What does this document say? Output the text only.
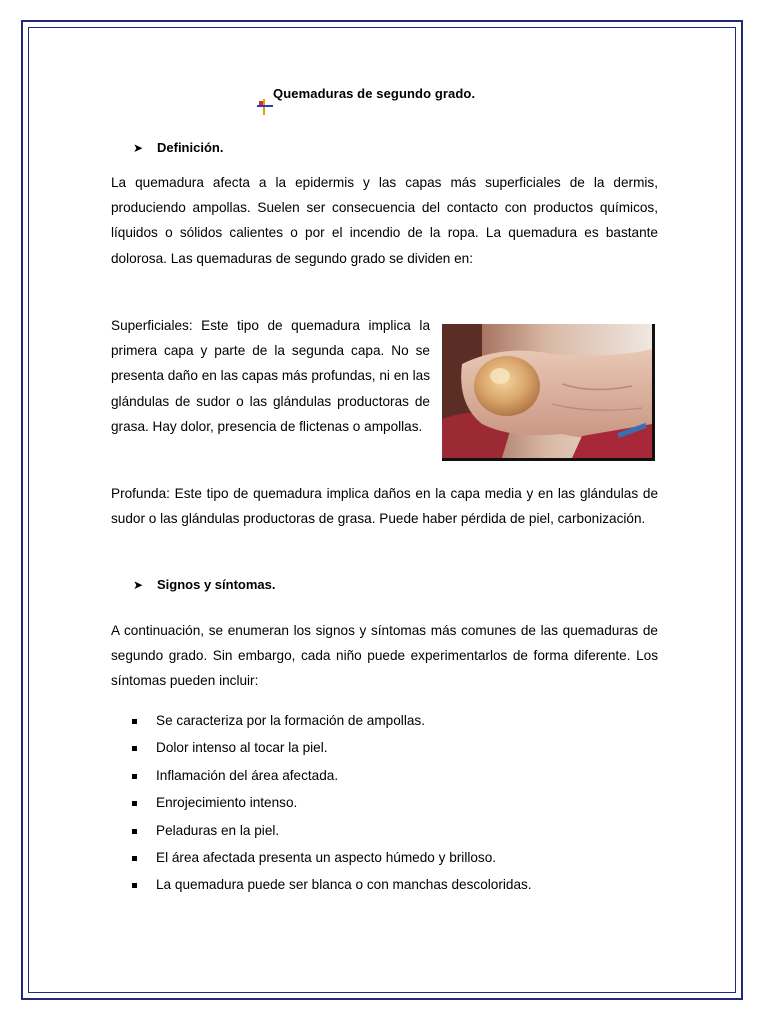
Quemaduras de segundo grado.
➤ Definición.
La quemadura afecta a la epidermis y las capas más superficiales de la dermis, produciendo ampollas. Suelen ser consecuencia del contacto con productos químicos, líquidos o sólidos calientes o por el incendio de la ropa. La quemadura es bastante dolorosa. Las quemaduras de segundo grado se dividen en:
Superficiales: Este tipo de quemadura implica la primera capa y parte de la segunda capa. No se presenta daño en las capas más profundas, ni en las glándulas de sudor o las glándulas productoras de grasa. Hay dolor, presencia de flictenas o ampollas.
Profunda: Este tipo de quemadura implica daños en la capa media y en las glándulas de sudor o las glándulas productoras de grasa. Puede haber pérdida de piel, carbonización.
➤ Signos y síntomas.
A continuación, se enumeran los signos y síntomas más comunes de las quemaduras de segundo grado. Sin embargo, cada niño puede experimentarlos de forma diferente. Los síntomas pueden incluir:
Se caracteriza por la formación de ampollas.
Dolor intenso al tocar la piel.
Inflamación del área afectada.
Enrojecimiento intenso.
Peladuras en la piel.
El área afectada presenta un aspecto húmedo y brilloso.
La quemadura puede ser blanca o con manchas descoloridas.
